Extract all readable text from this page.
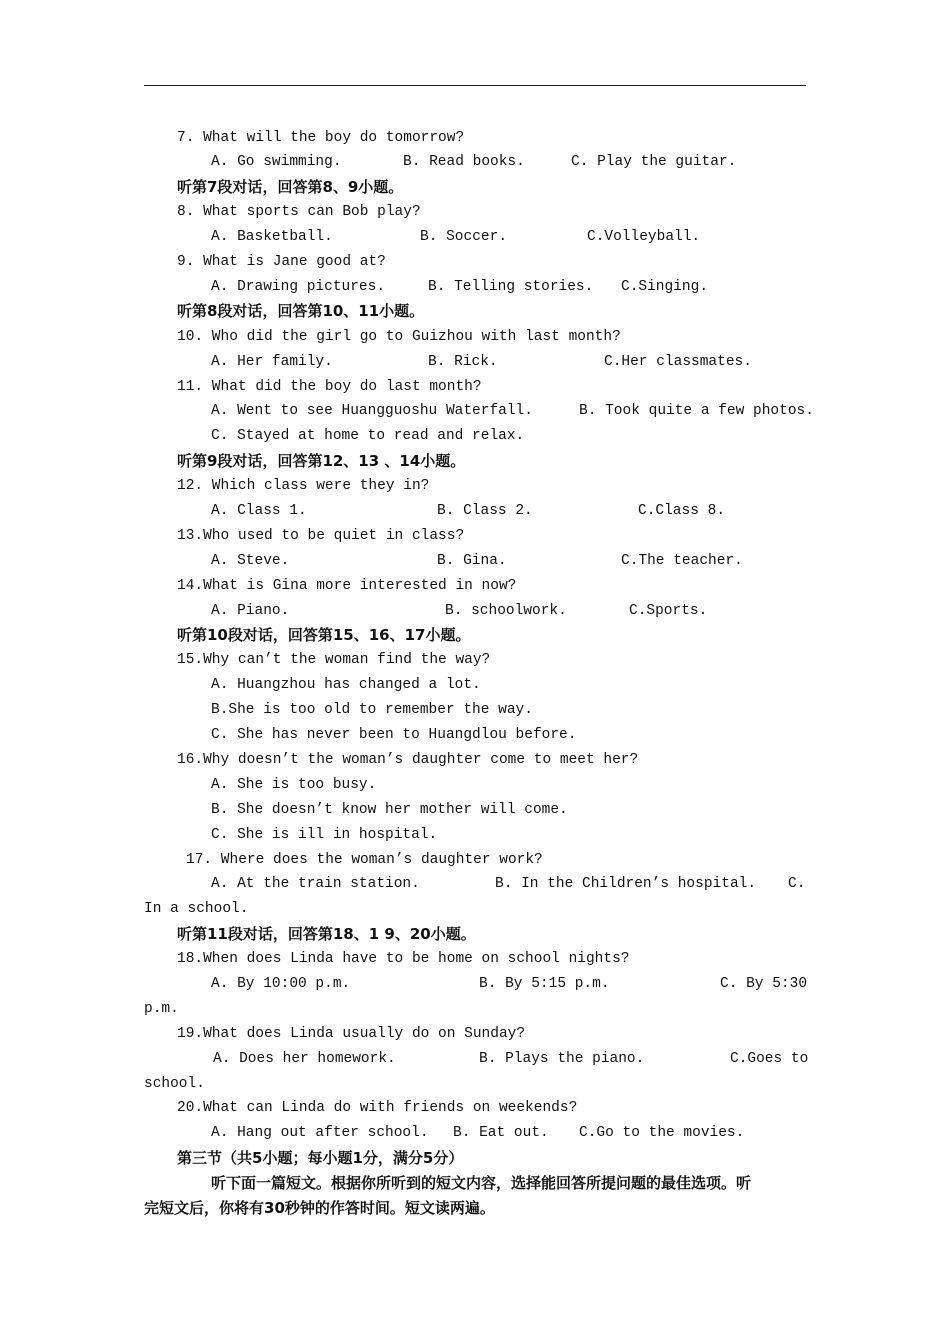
7. What will the boy do tomorrow?
A. Go swimming.	B. Read books.	C. Play the guitar.
听第7段对话，回答第8、9小题。
8. What sports can Bob play?
A. Basketball.	B. Soccer.	C.Volleyball.
9. What is Jane good at?
A. Drawing pictures.	B. Telling stories. C.Singing.
听第8段对话，回答第10、11小题。
10. Who did the girl go to Guizhou with last month?
A. Her family.	B. Rick.	C.Her classmates.
11. What did the boy do last month?
A. Went to see Huangguoshu Waterfall.	B. Took quite a few photos.
C. Stayed at home to read and relax.
听第9段对话，回答第12、13 、14小题。
12. Which class were they in?
A. Class 1.	B. Class 2.	C.Class 8.
13.Who used to be quiet in class?
A. Steve.	B. Gina.	C.The teacher.
14.What is Gina more interested in now?
A. Piano.	B. schoolwork.	C.Sports.
听第10段对话，回答第15、16、17小题。
15.Why can’t the woman find the way?
A. Huangzhou has changed a lot.
B.She is too old to remember the way.
C. She has never been to Huangdlou before.
16.Why doesn’t the woman’s daughter come to meet her?
A. She is too busy.
B. She doesn’t know her mother will come.
C. She is ill in hospital.
17. Where does the woman’s daughter work?
A. At the train station.	B. In the Children’s hospital. C.
In a school.
听第11段对话，回答第18、1 9、20小题。
18.When does Linda have to be home on school nights?
A. By 10:00 p.m.	B. By 5:15 p.m.	C. By 5:30
p.m.
19.What does Linda usually do on Sunday?
A. Does her homework.	B. Plays the piano.	C.Goes to
school.
20.What can Linda do with friends on weekends?
A. Hang out after school. B. Eat out. C.Go to the movies.
第三节（共5小题；每小题1分，满分5分）
听下面一篇短文。根据你所听到的短文内容，选择能回答所提问题的最佳选项。听
完短文后，你将有30秒钟的作答时间。短文读两遍。
